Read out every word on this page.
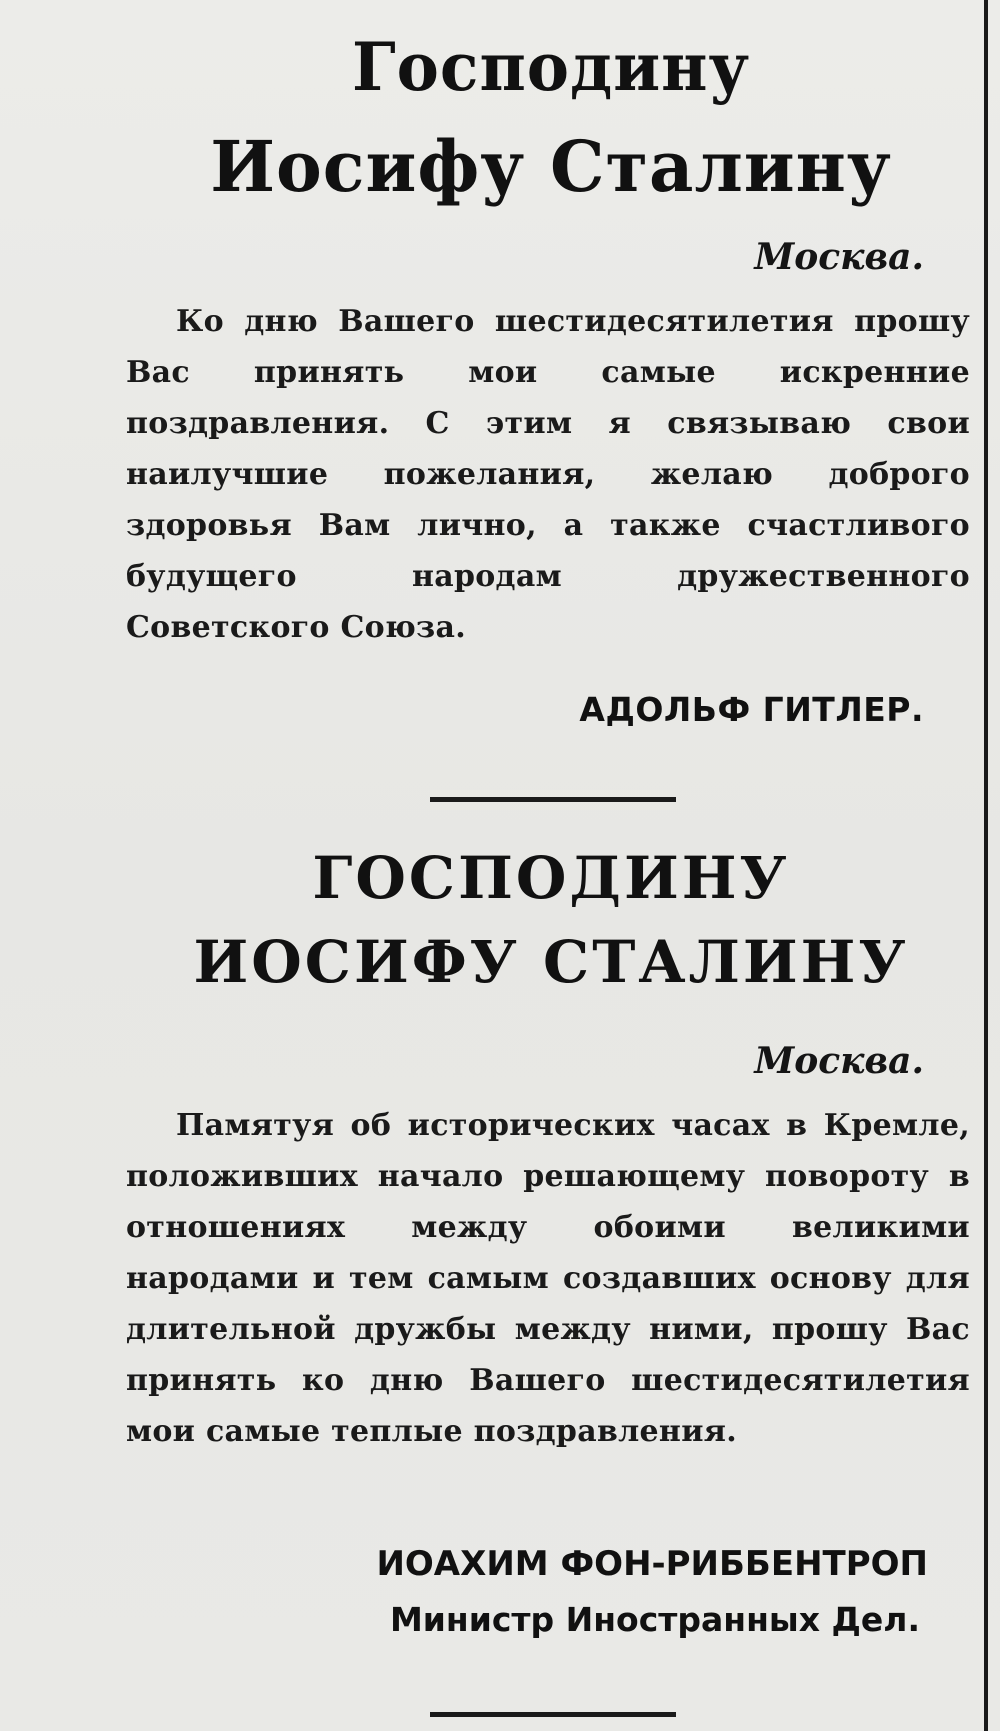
Господину
Иосифу Сталину

Москва.

Ко дню Вашего шестидесятилетия прошу Вас принять мои самые искренние поздравления. С этим я связываю свои наилучшие пожелания, желаю доброго здоровья Вам лично, а также счастливого будущего народам дружественного Советского Союза.

АДОЛЬФ ГИТЛЕР.

ГОСПОДИНУ
ИОСИФУ СТАЛИНУ

Москва.

Памятуя об исторических часах в Кремле, положивших начало решающему повороту в отношениях между обоими великими народами и тем самым создавших основу для длительной дружбы между ними, прошу Вас принять ко дню Вашего шестидесятилетия мои самые теплые поздравления.

ИОАХИМ ФОН-РИББЕНТРОП

Министр Иностранных Дел.
